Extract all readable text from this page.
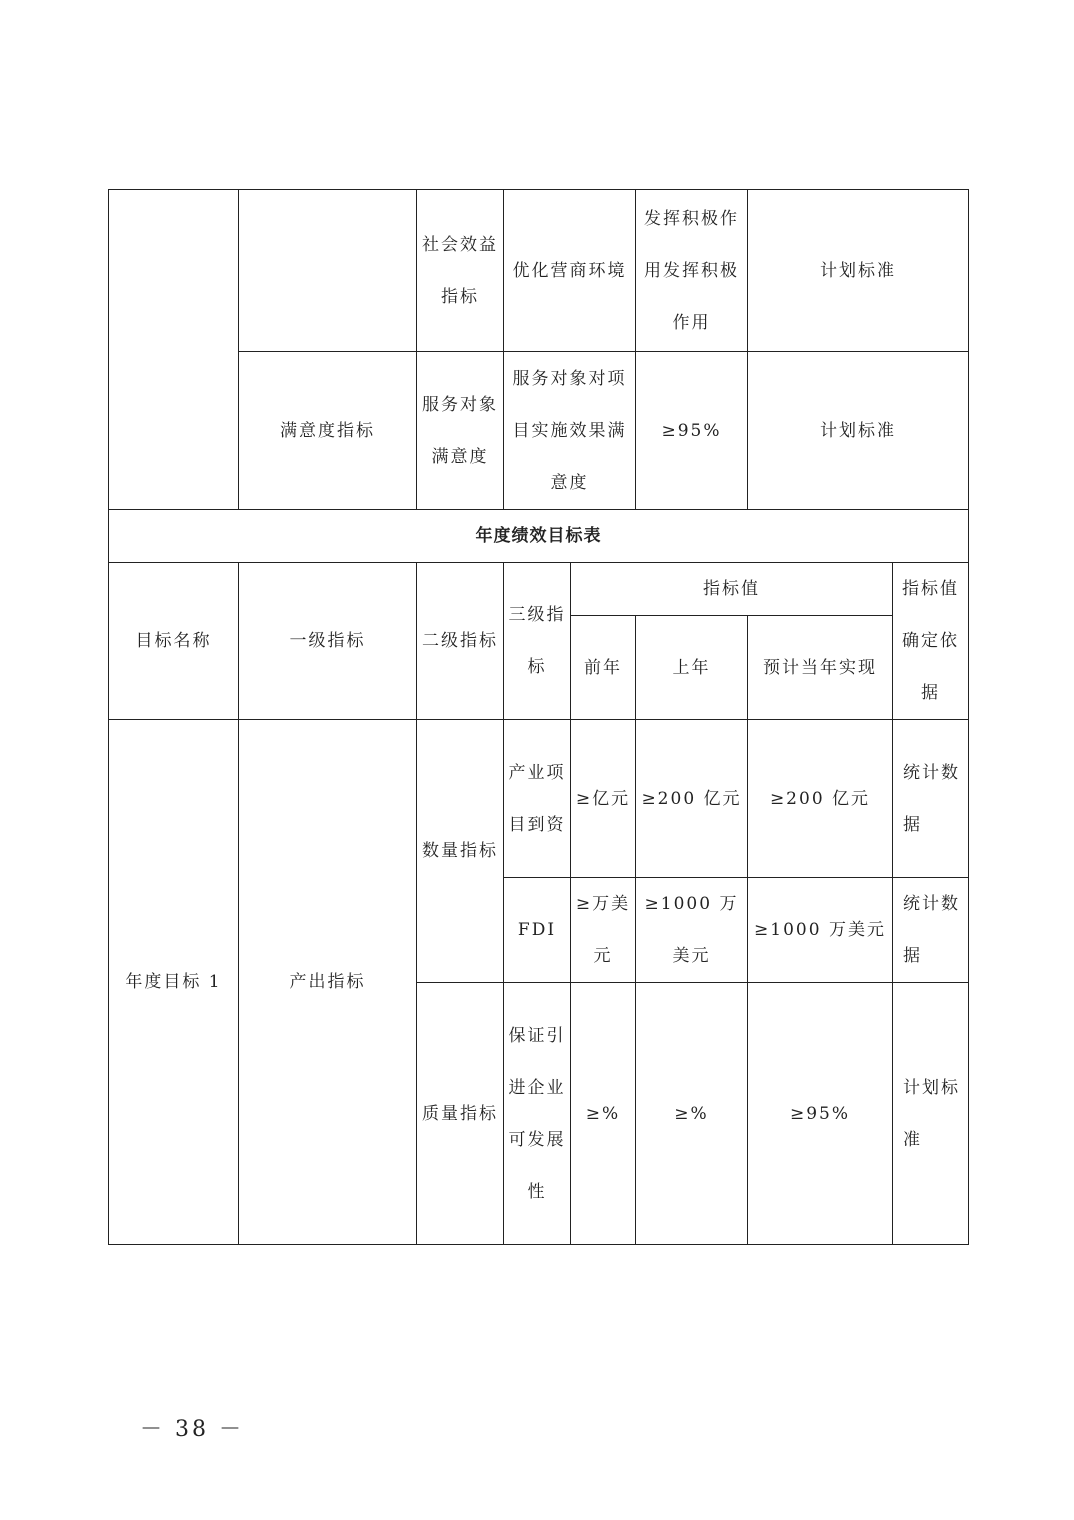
		社会效益指标	优化营商环境		发挥积极作用发挥积极作用	计划标准	
	满意度指标	服务对象满意度	服务对象对项目实施效果满意度		≥95%	计划标准	
年度绩效目标表							
目标名称	一级指标	二级指标	三级指标	指标值			指标值确定依据
				前年	上年	预计当年实现	
年度目标 1	产出指标	数量指标	产业项目到资	≥亿元	≥200 亿元	≥200 亿元	统计数据
			FDI	≥万美元	≥1000 万美元	≥1000 万美元	统计数据
		质量指标	保证引进企业可发展性	≥%	≥%	≥95%	计划标准
－ 38 －
